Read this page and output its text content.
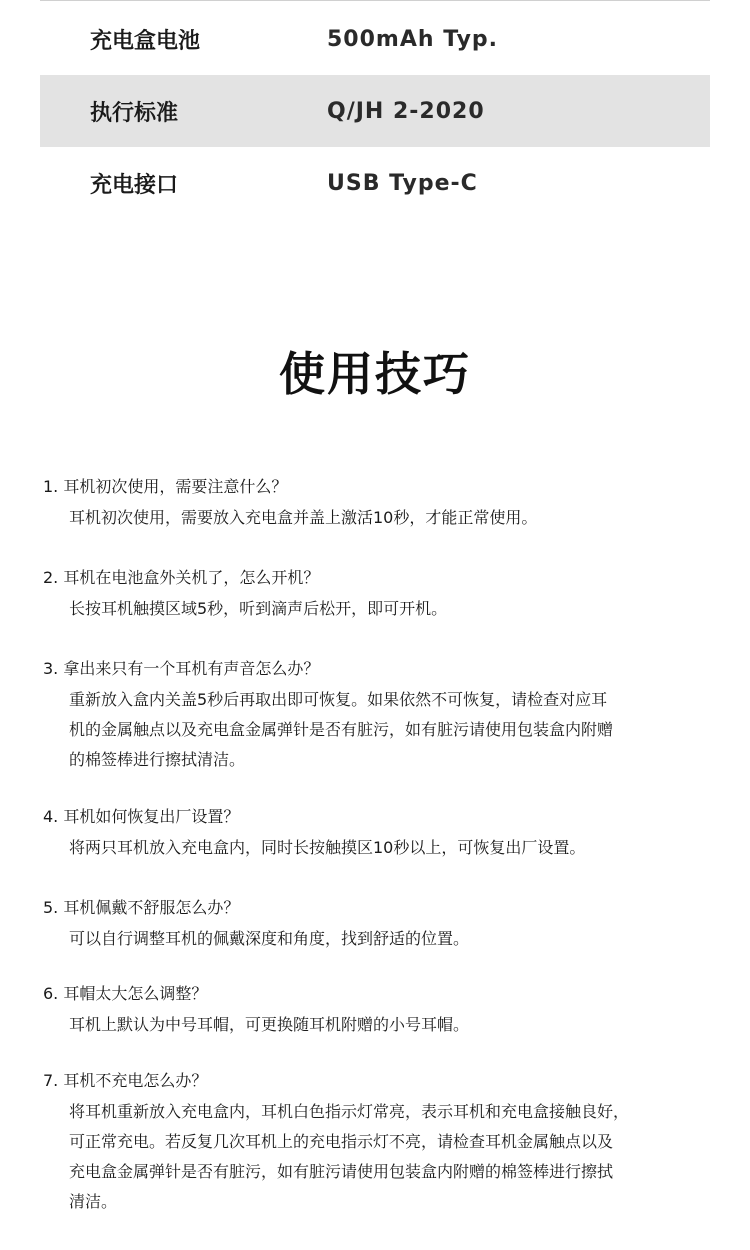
充电盒电池	500mAh Typ.
执行标准	Q/JH 2-2020
充电接口	USB Type-C
使用技巧
1. 耳机初次使用，需要注意什么？
耳机初次使用，需要放入充电盒并盖上激活10秒，才能正常使用。
2. 耳机在电池盒外关机了，怎么开机？
长按耳机触摸区域5秒，听到滴声后松开，即可开机。
3. 拿出来只有一个耳机有声音怎么办？
重新放入盒内关盖5秒后再取出即可恢复。如果依然不可恢复，请检查对应耳
机的金属触点以及充电盒金属弹针是否有脏污，如有脏污请使用包装盒内附赠
的棉签棒进行擦拭清洁。
4. 耳机如何恢复出厂设置？
将两只耳机放入充电盒内，同时长按触摸区10秒以上，可恢复出厂设置。
5. 耳机佩戴不舒服怎么办？
可以自行调整耳机的佩戴深度和角度，找到舒适的位置。
6. 耳帽太大怎么调整？
耳机上默认为中号耳帽，可更换随耳机附赠的小号耳帽。
7. 耳机不充电怎么办？
将耳机重新放入充电盒内，耳机白色指示灯常亮，表示耳机和充电盒接触良好，
可正常充电。若反复几次耳机上的充电指示灯不亮，请检查耳机金属触点以及
充电盒金属弹针是否有脏污，如有脏污请使用包装盒内附赠的棉签棒进行擦拭
清洁。
